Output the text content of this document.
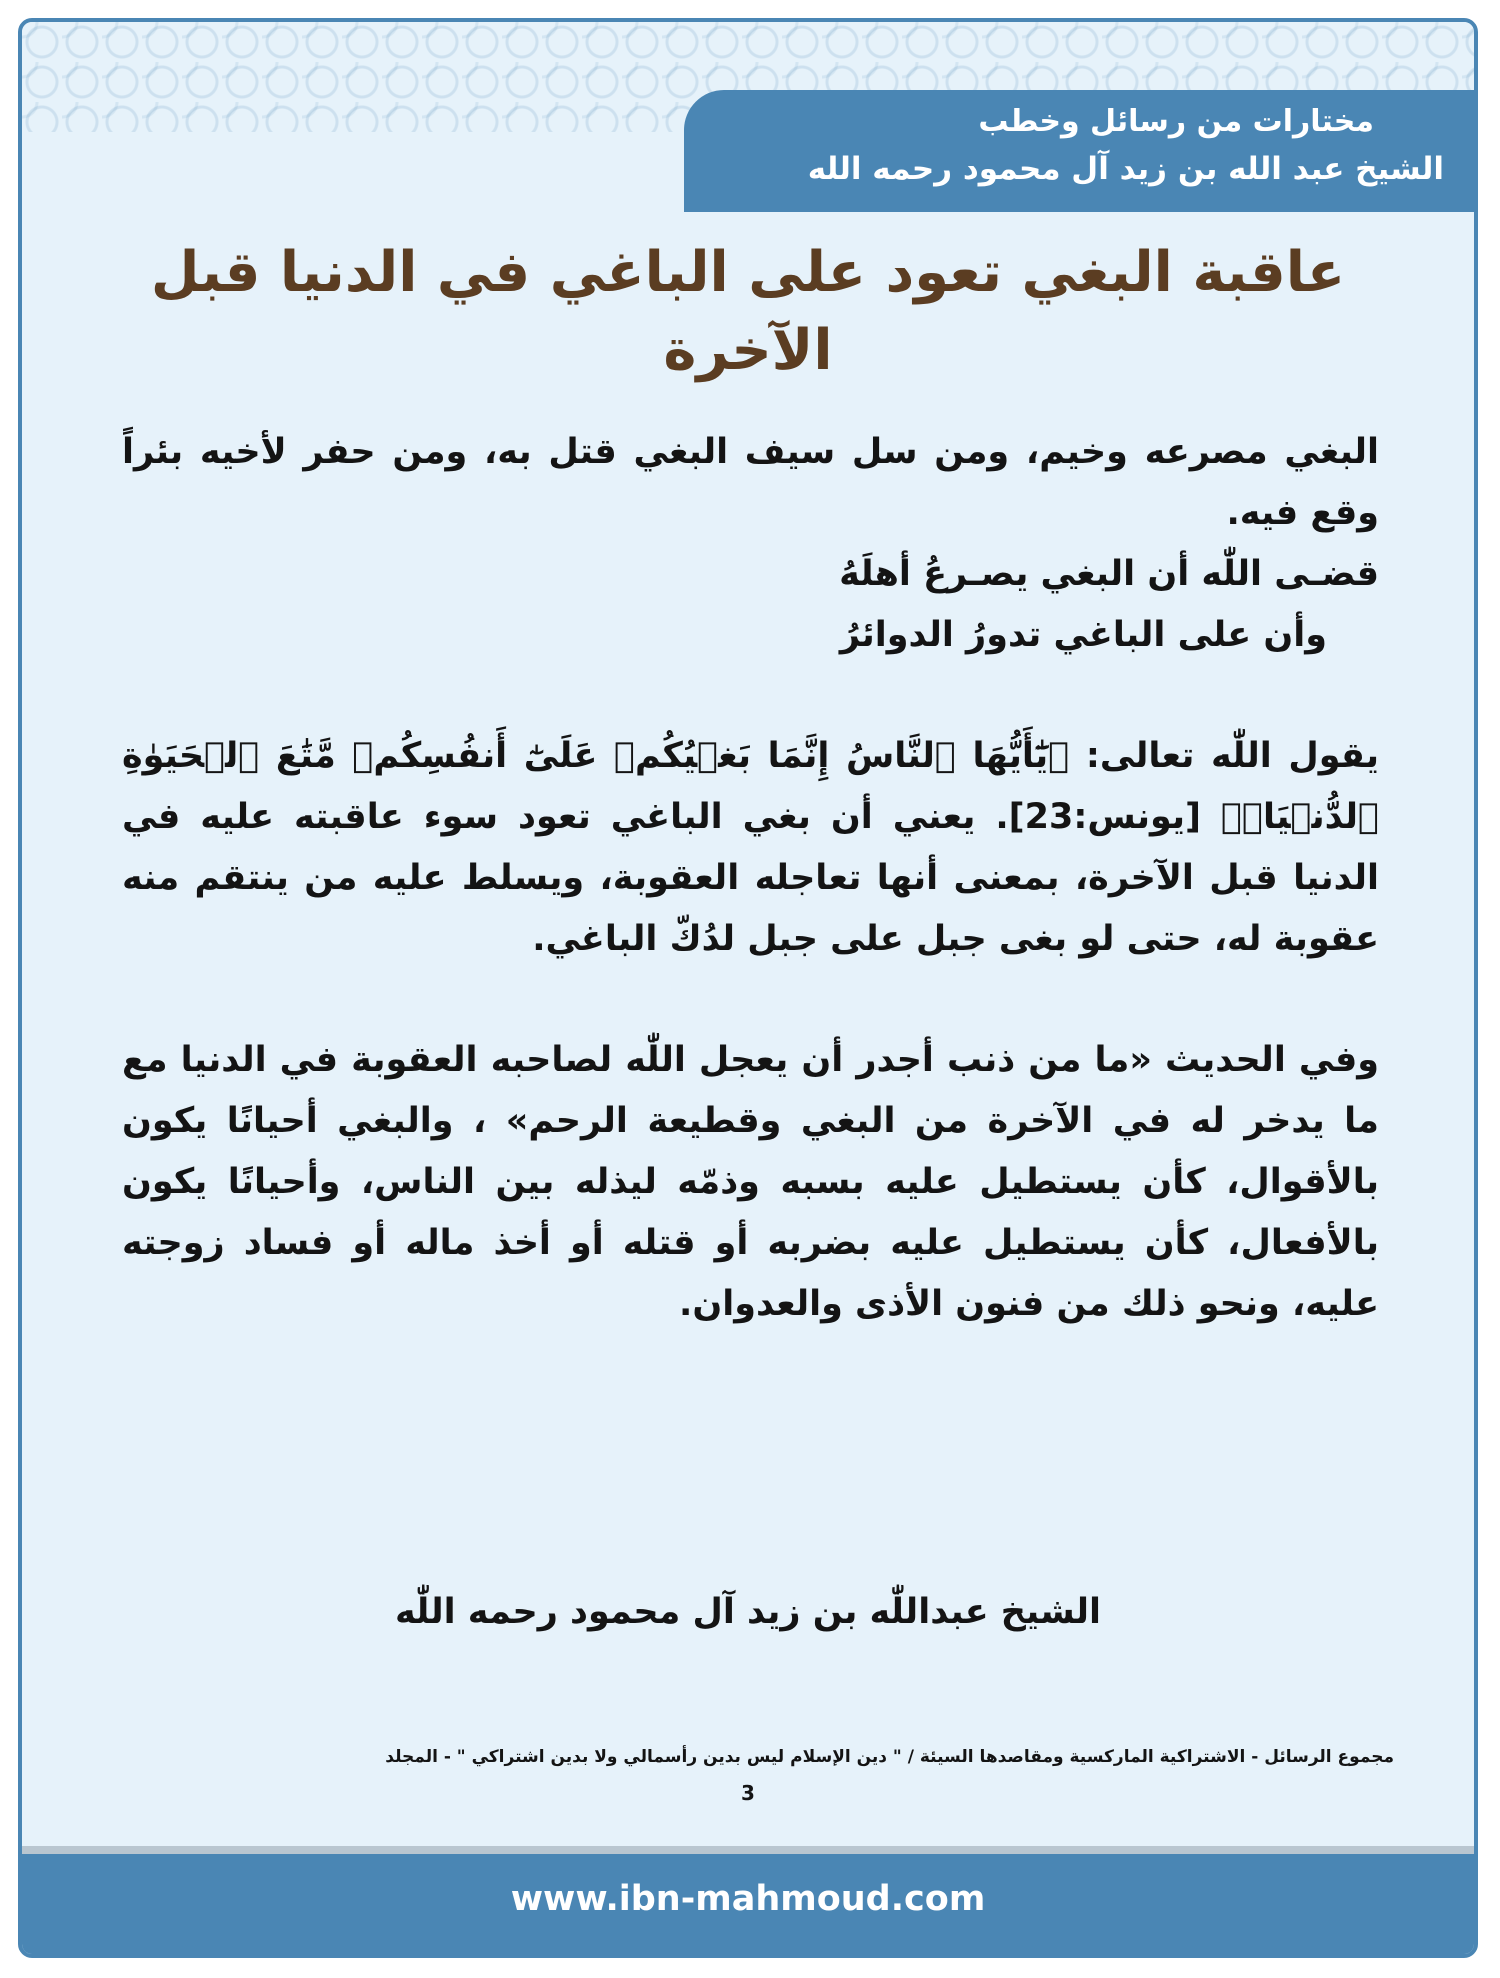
مختارات من رسائل وخطب
الشيخ عبد الله بن زيد آل محمود رحمه الله
عاقبة البغي تعود على الباغي في الدنيا قبل الآخرة

البغي مصرعه وخيم، ومن سل سيف البغي قتل به، ومن حفر لأخيه بئراً وقع فيه.

قضـى اللّٰه أن البغي يصـرعُ أهلَهُ

وأن على الباغي تدورُ الدوائرُ

يقول اللّٰه تعالى: ﴿يَٰٓأَيُّهَا ٱلنَّاسُ إِنَّمَا بَغۡيُكُمۡ عَلَىٰٓ أَنفُسِكُمۖ مَّتَٰعَ ٱلۡحَيَوٰةِ ٱلدُّنۡيَاۖ﴾ [يونس:23]. يعني أن بغي الباغي تعود سوء عاقبته عليه في الدنيا قبل الآخرة، بمعنى أنها تعاجله العقوبة، ويسلط عليه من ينتقم منه عقوبة له، حتى لو بغى جبل على جبل لدُكّ الباغي.

وفي الحديث «ما من ذنب أجدر أن يعجل اللّٰه لصاحبه العقوبة في الدنيا مع ما يدخر له في الآخرة من البغي وقطيعة الرحم» ، والبغي أحيانًا يكون بالأقوال، كأن يستطيل عليه بسبه وذمّه ليذله بين الناس، وأحيانًا يكون بالأفعال، كأن يستطيل عليه بضربه أو قتله أو أخذ ماله أو فساد زوجته عليه، ونحو ذلك من فنون الأذى والعدوان.

الشيخ عبداللّٰه بن زيد آل محمود رحمه اللّٰه
مجموع الرسائل - الاشتراكية الماركسية ومقاصدها السيئة / " دين الإسلام ليس بدين رأسمالي ولا بدين اشتراكي " - المجلد
3
www.ibn-mahmoud.com
